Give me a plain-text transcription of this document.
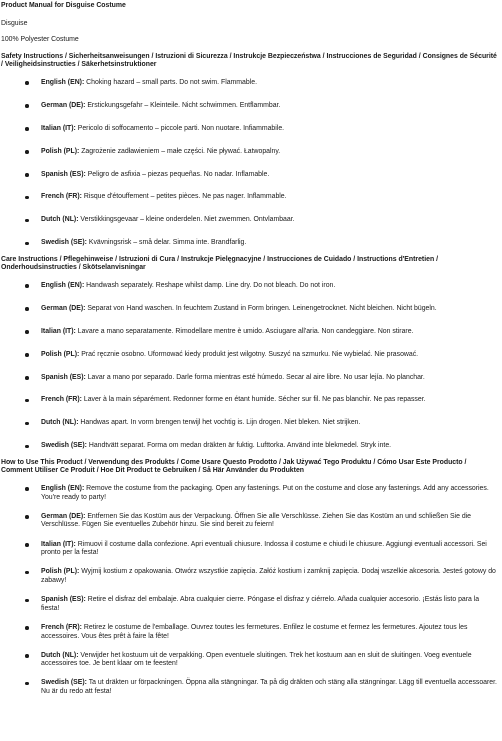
Product Manual for Disguise Costume
Disguise
100% Polyester Costume
Safety Instructions / Sicherheitsanweisungen / Istruzioni di Sicurezza / Instrukcje Bezpieczeństwa / Instrucciones de Seguridad / Consignes de Sécurité / Veiligheidsinstructies / Säkerhetsinstruktioner
English (EN): Choking hazard – small parts. Do not swim. Flammable.
German (DE): Erstickungsgefahr – Kleinteile. Nicht schwimmen. Entflammbar.
Italian (IT): Pericolo di soffocamento – piccole parti. Non nuotare. Infiammabile.
Polish (PL): Zagrożenie zadławieniem – małe części. Nie pływać. Łatwopalny.
Spanish (ES): Peligro de asfixia – piezas pequeñas. No nadar. Inflamable.
French (FR): Risque d'étouffement – petites pièces. Ne pas nager. Inflammable.
Dutch (NL): Verstikkingsgevaar – kleine onderdelen. Niet zwemmen. Ontvlambaar.
Swedish (SE): Kvävningsrisk – små delar. Simma inte. Brandfarlig.
Care Instructions / Pflegehinweise / Istruzioni di Cura / Instrukcje Pielęgnacyjne / Instrucciones de Cuidado / Instructions d'Entretien / Onderhoudsinstructies / Skötselanvisningar
English (EN): Handwash separately. Reshape whilst damp. Line dry. Do not bleach. Do not iron.
German (DE): Separat von Hand waschen. In feuchtem Zustand in Form bringen. Leinengetrocknet. Nicht bleichen. Nicht bügeln.
Italian (IT): Lavare a mano separatamente. Rimodellare mentre è umido. Asciugare all'aria. Non candeggiare. Non stirare.
Polish (PL): Prać ręcznie osobno. Uformować kiedy produkt jest wilgotny. Suszyć na szmurku. Nie wybielać. Nie prasować.
Spanish (ES): Lavar a mano por separado. Darle forma mientras esté húmedo. Secar al aire libre. No usar lejía. No planchar.
French (FR): Laver à la main séparément. Redonner forme en étant humide. Sécher sur fil. Ne pas blanchir. Ne pas repasser.
Dutch (NL): Handwas apart. In vorm brengen terwijl het vochtig is. Lijn drogen. Niet bleken. Niet strijken.
Swedish (SE): Handtvätt separat. Forma om medan dräkten är fuktig. Lufttorka. Använd inte blekmedel. Stryk inte.
How to Use This Product / Verwendung des Produkts / Come Usare Questo Prodotto / Jak Używać Tego Produktu / Cómo Usar Este Producto / Comment Utiliser Ce Produit / Hoe Dit Product te Gebruiken / Så Här Använder du Produkten
English (EN): Remove the costume from the packaging. Open any fastenings. Put on the costume and close any fastenings. Add any accessories. You're ready to party!
German (DE): Entfernen Sie das Kostüm aus der Verpackung. Öffnen Sie alle Verschlüsse. Ziehen Sie das Kostüm an und schließen Sie die Verschlüsse. Fügen Sie eventuelles Zubehör hinzu. Sie sind bereit zu feiern!
Italian (IT): Rimuovi il costume dalla confezione. Apri eventuali chiusure. Indossa il costume e chiudi le chiusure. Aggiungi eventuali accessori. Sei pronto per la festa!
Polish (PL): Wyjmij kostium z opakowania. Otwórz wszystkie zapięcia. Załóż kostium i zamknij zapięcia. Dodaj wszelkie akcesoria. Jesteś gotowy do zabawy!
Spanish (ES): Retire el disfraz del embalaje. Abra cualquier cierre. Póngase el disfraz y ciérrelo. Añada cualquier accesorio. ¡Estás listo para la fiesta!
French (FR): Retirez le costume de l'emballage. Ouvrez toutes les fermetures. Enfilez le costume et fermez les fermetures. Ajoutez tous les accessoires. Vous êtes prêt à faire la fête!
Dutch (NL): Verwijder het kostuum uit de verpakking. Open eventuele sluitingen. Trek het kostuum aan en sluit de sluitingen. Voeg eventuele accessoires toe. Je bent klaar om te feesten!
Swedish (SE): Ta ut dräkten ur förpackningen. Öppna alla stängningar. Ta på dig dräkten och stäng alla stängningar. Lägg till eventuella accessoarer. Nu är du redo att festa!
